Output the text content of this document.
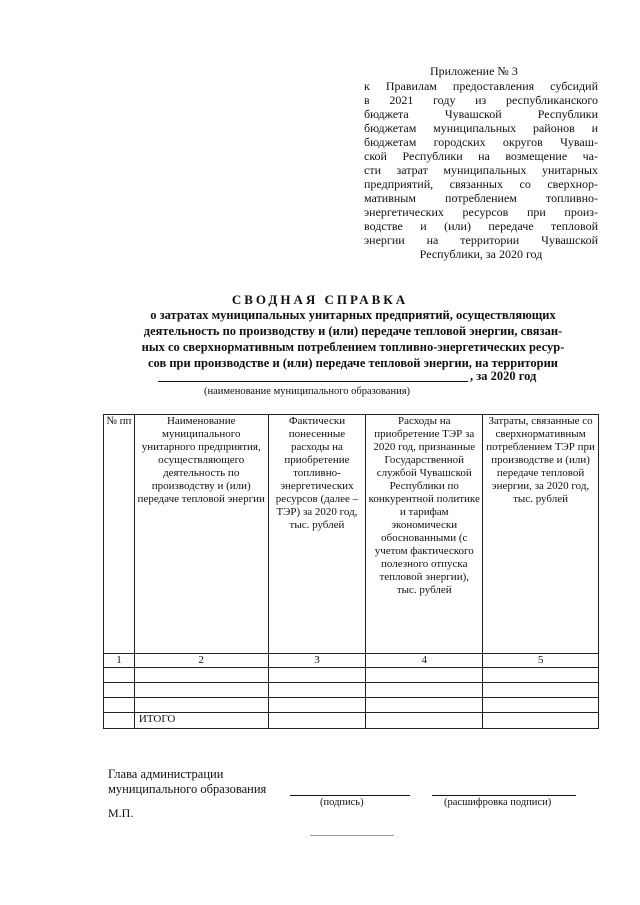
Приложение № 3
к Правилам предоставления субсидий
в 2021 году из республиканского
бюджета Чувашской Республики
бюджетам муниципальных районов и
бюджетам городских округов Чуваш-
ской Республики на возмещение ча-
сти затрат муниципальных унитарных
предприятий, связанных со сверхнор-
мативным потреблением топливно-
энергетических ресурсов при произ-
водстве и (или) передаче тепловой
энергии на территории Чувашской
Республики, за 2020 год
СВОДНАЯ СПРАВКА
о затратах муниципальных унитарных предприятий, осуществляющих
деятельность по производству и (или) передаче тепловой энергии, связан-
ных со сверхнормативным потреблением топливно-энергетических ресур-
сов при производстве и (или) передаче тепловой энергии, на территории
, за 2020 год
(наименование муниципального образования)
№ пп	Наименование муниципального унитарного предприятия, осуществляющего деятельность по производству и (или) передаче тепловой энергии	Фактически понесенные расходы на приобретение топливно-энергетических ресурсов (далее – ТЭР) за 2020 год, тыс. рублей	Расходы на приобретение ТЭР за 2020 год, признанные Государственной службой Чувашской Республики по конкурентной политике и тарифам экономически обоснованными (с учетом фактического полезного отпуска тепловой энергии), тыс. рублей	Затраты, связанные со сверхнормативным потреблением ТЭР при производстве и (или) передаче тепловой энергии, за 2020 год, тыс. рублей
1	2	3	4	5

	ИТОГО			
Глава администрации
муниципального образования
(подпись)	(расшифровка подписи)
М.П.
